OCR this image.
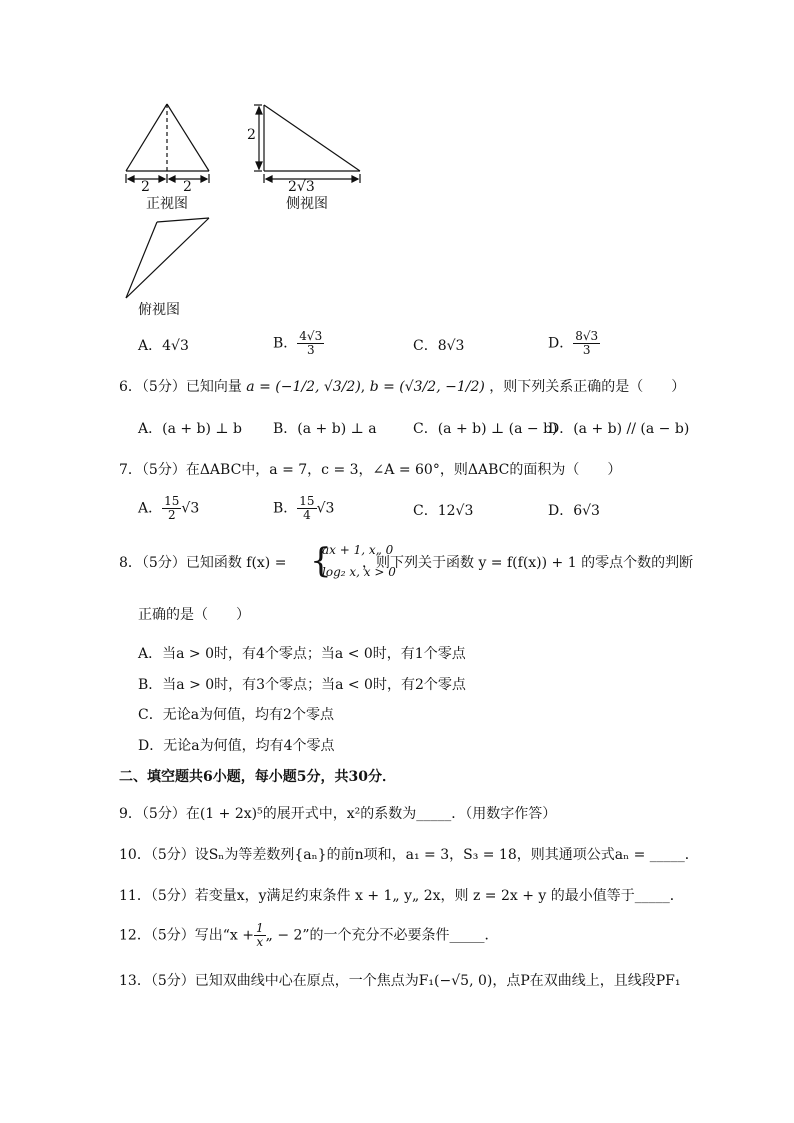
2 2
正视图
2
2√3
侧视图
俯视图
A．4√3	B． $\frac{4√3}{3}$	C．8√3	D． $\frac{8√3}{3}$
6．（5分）已知向量 a = (−1/2, √3/2), b = (√3/2, −1/2) ，则下列关系正确的是（　　）
A．(a + b) ⊥ b B．(a + b) ⊥ a	C．(a + b) ⊥ (a − b)
D．(a + b) // (a − b)
7．（5分）在ΔABC中，a = 7，c = 3，∠A = 60°，则ΔABC的面积为（　　）
A． $\frac{15}{2} √3$	B． $\frac{15}{4} √3$	C．12√3	D．6√3
8．（5分）已知函数 f(x) = {
ax + 1, x„ 0
log₂ x, x > 0
，则下列关于函数 y = f(f(x)) + 1 的零点个数的判断
正确的是（　　）
A．当a > 0时，有4个零点；当a < 0时，有1个零点
B．当a > 0时，有3个零点；当a < 0时，有2个零点
C．无论a为何值，均有2个零点
D．无论a为何值，均有4个零点
二、填空题共6小题，每小题5分，共30分．
9．（5分）在(1 + 2x)⁵的展开式中，x²的系数为_____．（用数字作答）
10．（5分）设Sₙ为等差数列{aₙ}的前n项和，a₁ = 3，S₃ = 18，则其通项公式aₙ = _____．
11．（5分）若变量x，y满足约束条件 x + 1„ y„ 2x，则 z = 2x + y 的最小值等于_____．
12．（5分）写出“$x + \frac{1}{x}$ „ − 2”的一个充分不必要条件_____．
13．（5分）已知双曲线中心在原点，一个焦点为F₁(−√5, 0)，点P在双曲线上，且线段PF₁
